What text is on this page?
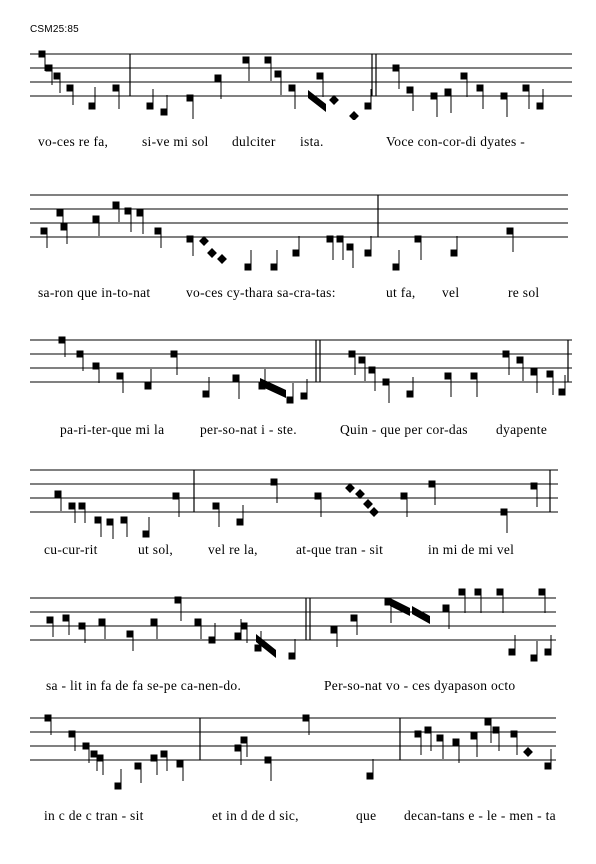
CSM25:85
vo-ces re fa,	si-ve mi sol dulciter ista.	Voce con-cor-di dyates -
sa-ron que in-to-nat	vo-ces cy-thara sa-cra-tas:	ut fa, vel	re sol
pa-ri-ter-que mi la	per-so-nat i - ste.	Quin - que per cor-das dyapente
cu-cur-rit	ut sol,	vel re la,	at-que tran - sit	in mi de mi vel
sa - lit in fa de fa se-pe ca-nen-do.	Per-so-nat vo - ces dyapason octo
in c de c tran - sit	et in d de d sic,	que decan-tans e - le - men - ta
